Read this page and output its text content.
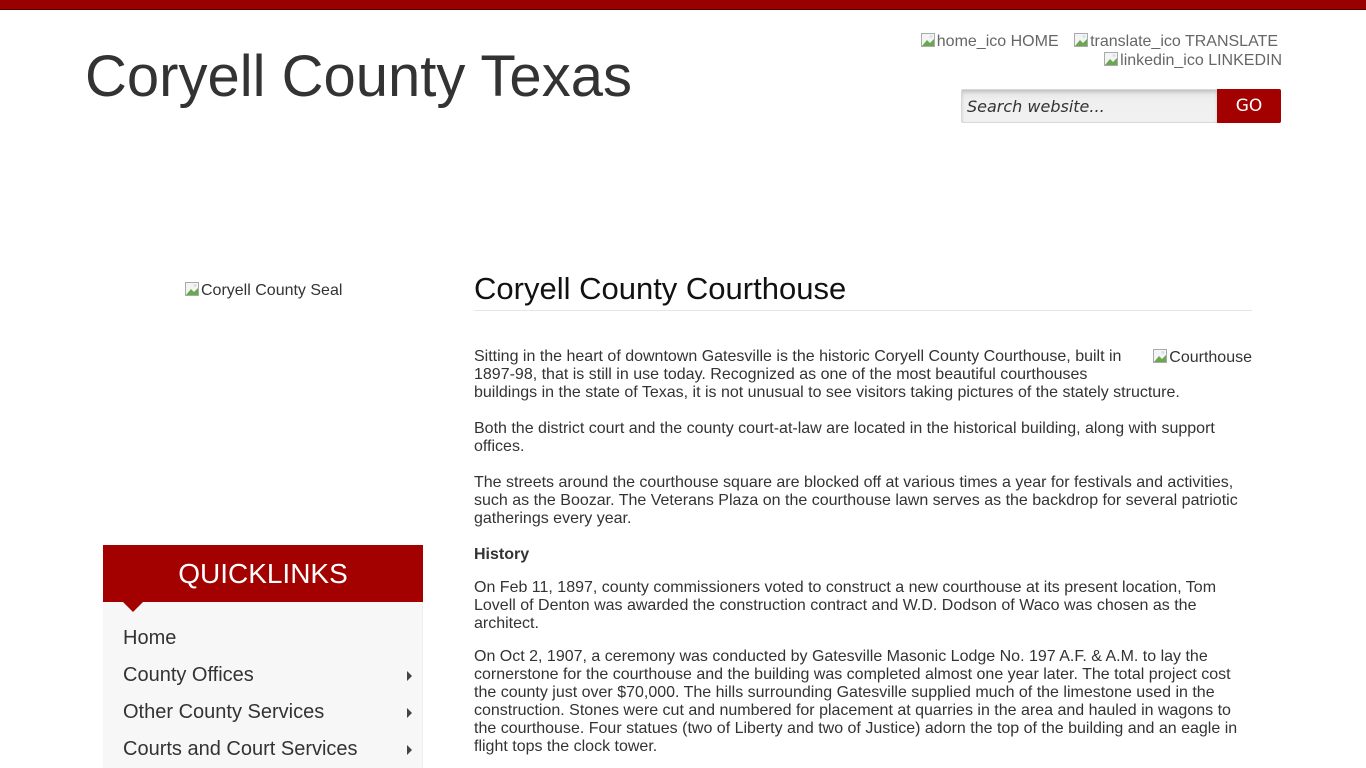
Coryell County Texas
home_ico HOME translate_ico TRANSLATE
linkedin_ico LINKEDIN
Search website...
GO
Coryell County Seal
QUICKLINKS
Home
County Offices
Other County Services
Courts and Court Services
Coryell County Courthouse
Courthouse

Sitting in the heart of downtown Gatesville is the historic Coryell County Courthouse, built in 1897-98, that is still in use today. Recognized as one of the most beautiful courthouses buildings in the state of Texas, it is not unusual to see visitors taking pictures of the stately structure.

Both the district court and the county court-at-law are located in the historical building, along with support offices.

The streets around the courthouse square are blocked off at various times a year for festivals and activities, such as the Boozar. The Veterans Plaza on the courthouse lawn serves as the backdrop for several patriotic gatherings every year.

History

On Feb 11, 1897, county commissioners voted to construct a new courthouse at its present location, Tom Lovell of Denton was awarded the construction contract and W.D. Dodson of Waco was chosen as the architect.

On Oct 2, 1907, a ceremony was conducted by Gatesville Masonic Lodge No. 197 A.F. & A.M. to lay the cornerstone for the courthouse and the building was completed almost one year later. The total project cost the county just over $70,000. The hills surrounding Gatesville supplied much of the limestone used in the construction. Stones were cut and numbered for placement at quarries in the area and hauled in wagons to the courthouse. Four statues (two of Liberty and two of Justice) adorn the top of the building and an eagle in flight tops the clock tower.
